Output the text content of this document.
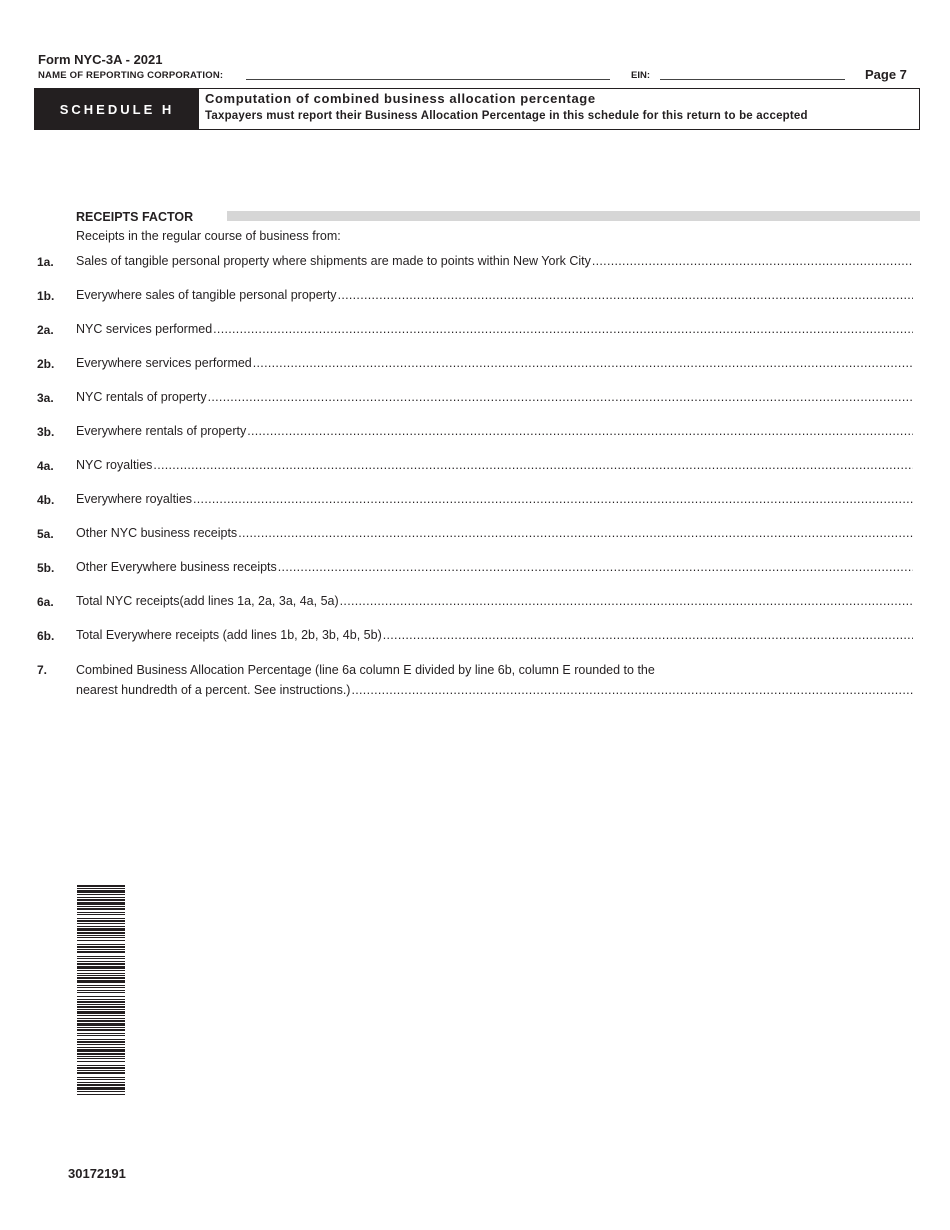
Form NYC-3A - 2021
NAME OF REPORTING CORPORATION:	EIN:	Page 7
SCHEDULE H
Computation of combined business allocation percentage
Taxpayers must report their Business Allocation Percentage in this schedule for this return to be accepted
RECEIPTS FACTOR
Receipts in the regular course of business from:
1a. Sales of tangible personal property where shipments are made to points within New York City
.....
1b. Everywhere sales of tangible personal property
.....
2a. NYC services performed
.....
2b. Everywhere services performed
.....
3a. NYC rentals of property
.....
3b. Everywhere rentals of property
.....
4a. NYC royalties
.....
4b. Everywhere royalties
.....
5a. Other NYC business receipts
.....
5b. Other Everywhere business receipts
.....
6a. Total NYC receipts(add lines 1a, 2a, 3a, 4a, 5a)
.....
6b. Total Everywhere receipts (add lines 1b, 2b, 3b, 4b, 5b)
.....
7. Combined Business Allocation Percentage (line 6a column E divided by line 6b, column E rounded to the
nearest hundredth of a percent. See instructions.)
.....
30172191
